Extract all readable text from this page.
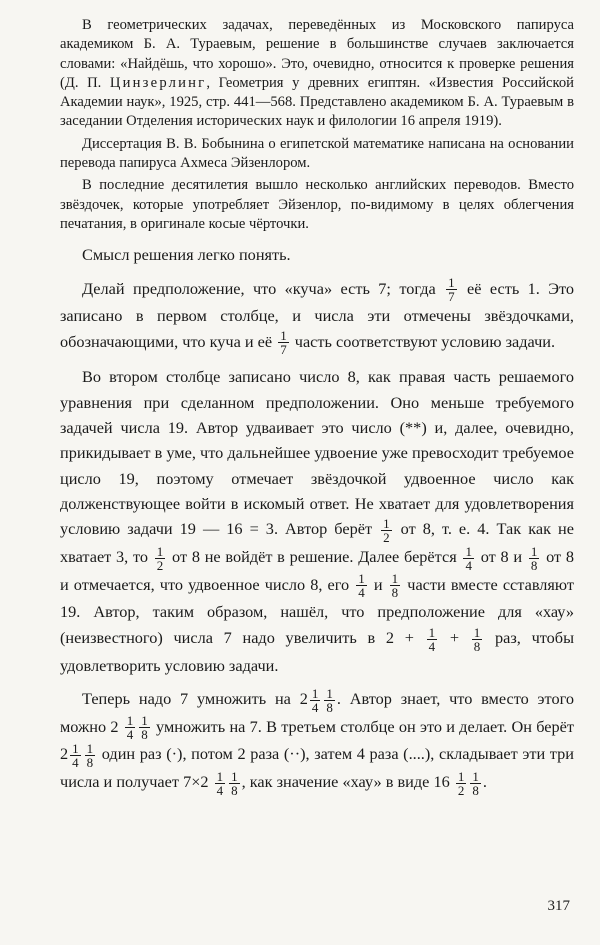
В геометрических задачах, переведённых из Московского папируса академиком Б. А. Тураевым, решение в большинстве случаев заключается словами: «Найдёшь, что хорошо». Это, очевидно, относится к проверке решения (Д. П. Цинзерлинг, Геометрия у древних египтян. «Известия Российской Академии наук», 1925, стр. 441—568. Представлено академиком Б. А. Тураевым в заседании Отделения исторических наук и филологии 16 апреля 1919).

Диссертация В. В. Бобынина о египетской математике написана на основании перевода папируса Ахмеса Эйзенлором.

В последние десятилетия вышло несколько английских переводов. Вместо звёздочек, которые употребляет Эйзенлор, по-видимому в целях облегчения печатания, в оригинале косые чёрточки.

Смысл решения легко понять.

Делай предположение, что «куча» есть 7; тогда $\frac{1}{7}$ её есть 1. Это записано в первом столбце, и числа эти отмечены звёздочками, обозначающими, что куча и её $\frac{1}{7}$ часть соответствуют условию задачи.

Во втором столбце записано число 8, как правая часть решаемого уравнения при сделанном предположении. Оно меньше требуемого задачей числа 19. Автор удваивает это число (**) и, далее, очевидно, прикидывает в уме, что дальнейшее удвоение уже превосходит требуемое цисло 19, поэтому отмечает звёздочкой удвоенное число как долженствующее войти в искомый ответ. Не хватает для удовлетворения условию задачи 19 — 16 = 3. Автор берёт $\frac{1}{2}$ от 8, т. е. 4. Так как не хватает 3, то $\frac{1}{2}$ от 8 не войдёт в решение. Далее берётся $\frac{1}{4}$ от 8 и $\frac{1}{8}$ от 8 и отмечается, что удвоенное число 8, его $\frac{1}{4}$ и $\frac{1}{8}$ части вместе сставляют 19. Автор, таким образом, нашёл, что предположение для «хау» (неизвестного) числа 7 надо увеличить в $2 + \frac{1}{4} + \frac{1}{8}$ раз, чтобы удовлетворить условию задачи.

Теперь надо 7 умножить на $2 \frac{1}{4} \frac{1}{8}$ . Автор знает, что вместо этого можно $2 \frac{1}{4} \frac{1}{8}$ умножить на 7. В третьем столбце он это и делает. Он берёт $2 \frac{1}{4} \frac{1}{8}$ один раз (·), потом 2 раза (··), затем 4 раза (....), складывает эти три числа и получает $7\times 2 \frac{1}{4} \frac{1}{8}$ , как значение «хау» в виде $16 \frac{1}{2} \frac{1}{8}$ .

317
